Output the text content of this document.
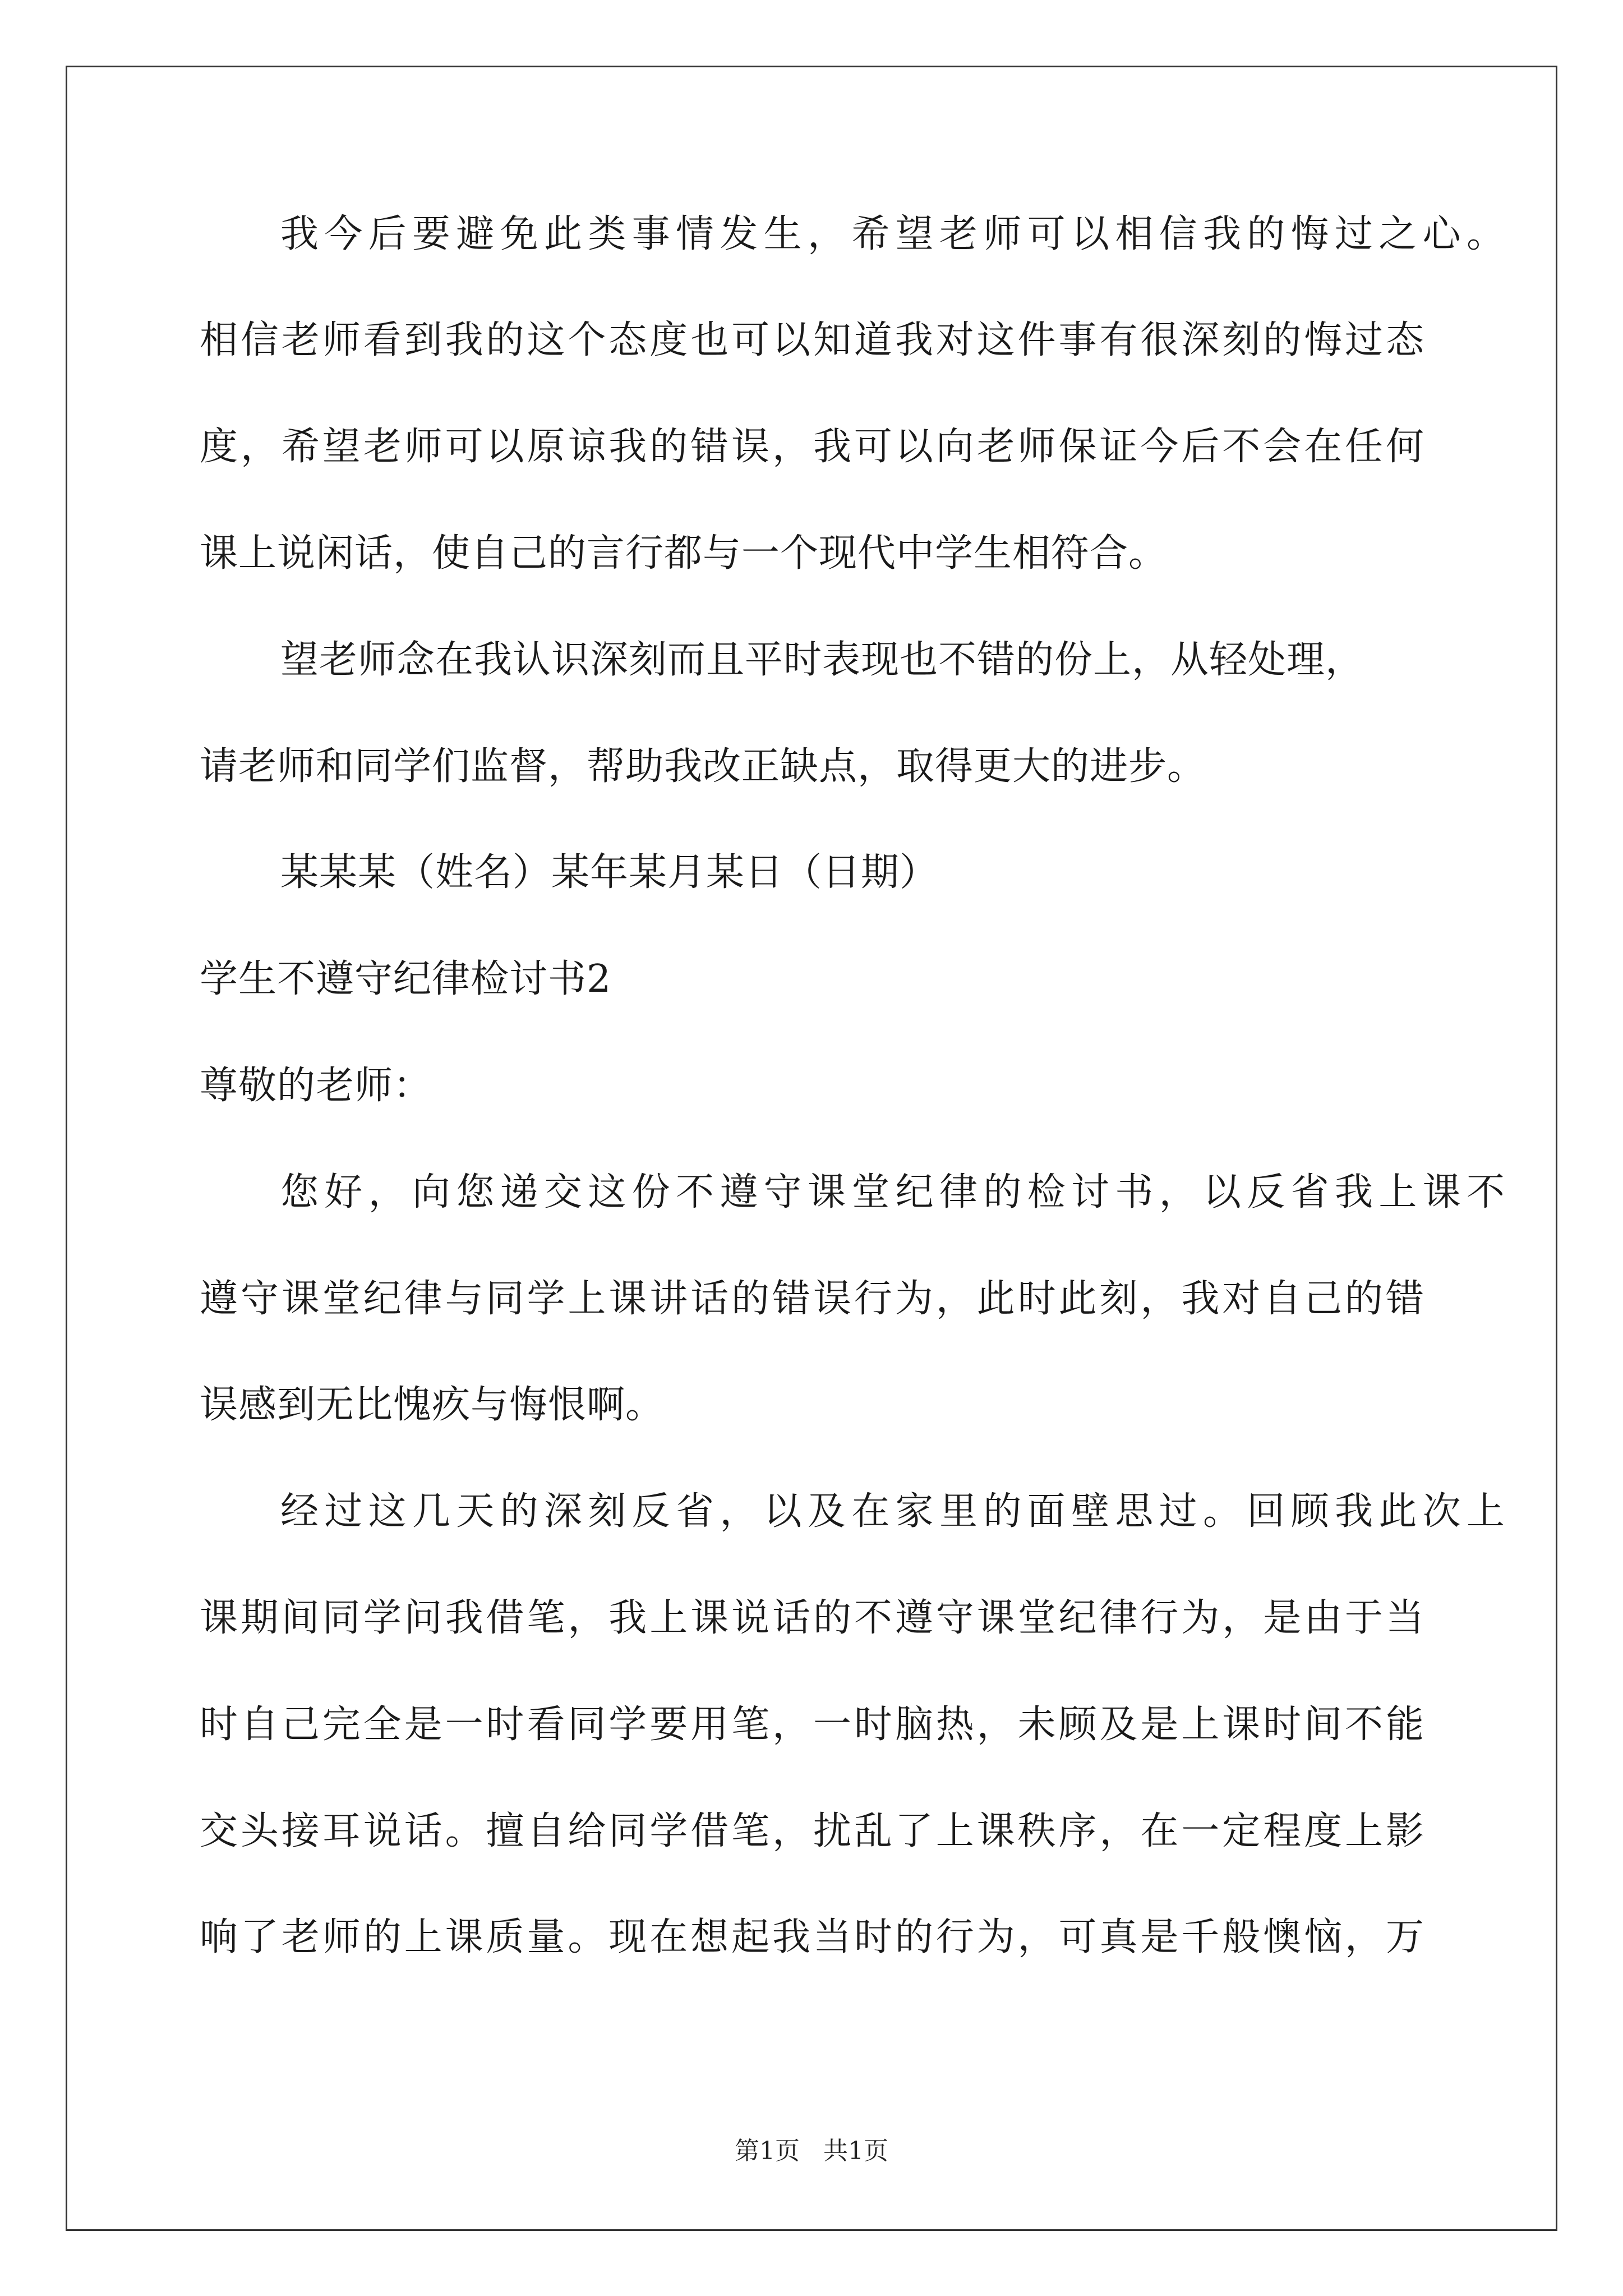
我今后要避免此类事情发生，希望老师可以相信我的悔过之心。
相信老师看到我的这个态度也可以知道我对这件事有很深刻的悔过态
度，希望老师可以原谅我的错误，我可以向老师保证今后不会在任何
课上说闲话，使自己的言行都与一个现代中学生相符合。
望老师念在我认识深刻而且平时表现也不错的份上，从轻处理，
请老师和同学们监督，帮助我改正缺点，取得更大的进步。
某某某（姓名）某年某月某日（日期）
学生不遵守纪律检讨书2
尊敬的老师：
您好，向您递交这份不遵守课堂纪律的检讨书，以反省我上课不
遵守课堂纪律与同学上课讲话的错误行为，此时此刻，我对自己的错
误感到无比愧疚与悔恨啊。
经过这几天的深刻反省，以及在家里的面壁思过。回顾我此次上
课期间同学问我借笔，我上课说话的不遵守课堂纪律行为，是由于当
时自己完全是一时看同学要用笔，一时脑热，未顾及是上课时间不能
交头接耳说话。擅自给同学借笔，扰乱了上课秩序，在一定程度上影
响了老师的上课质量。现在想起我当时的行为，可真是千般懊恼，万
第1页   共1页
